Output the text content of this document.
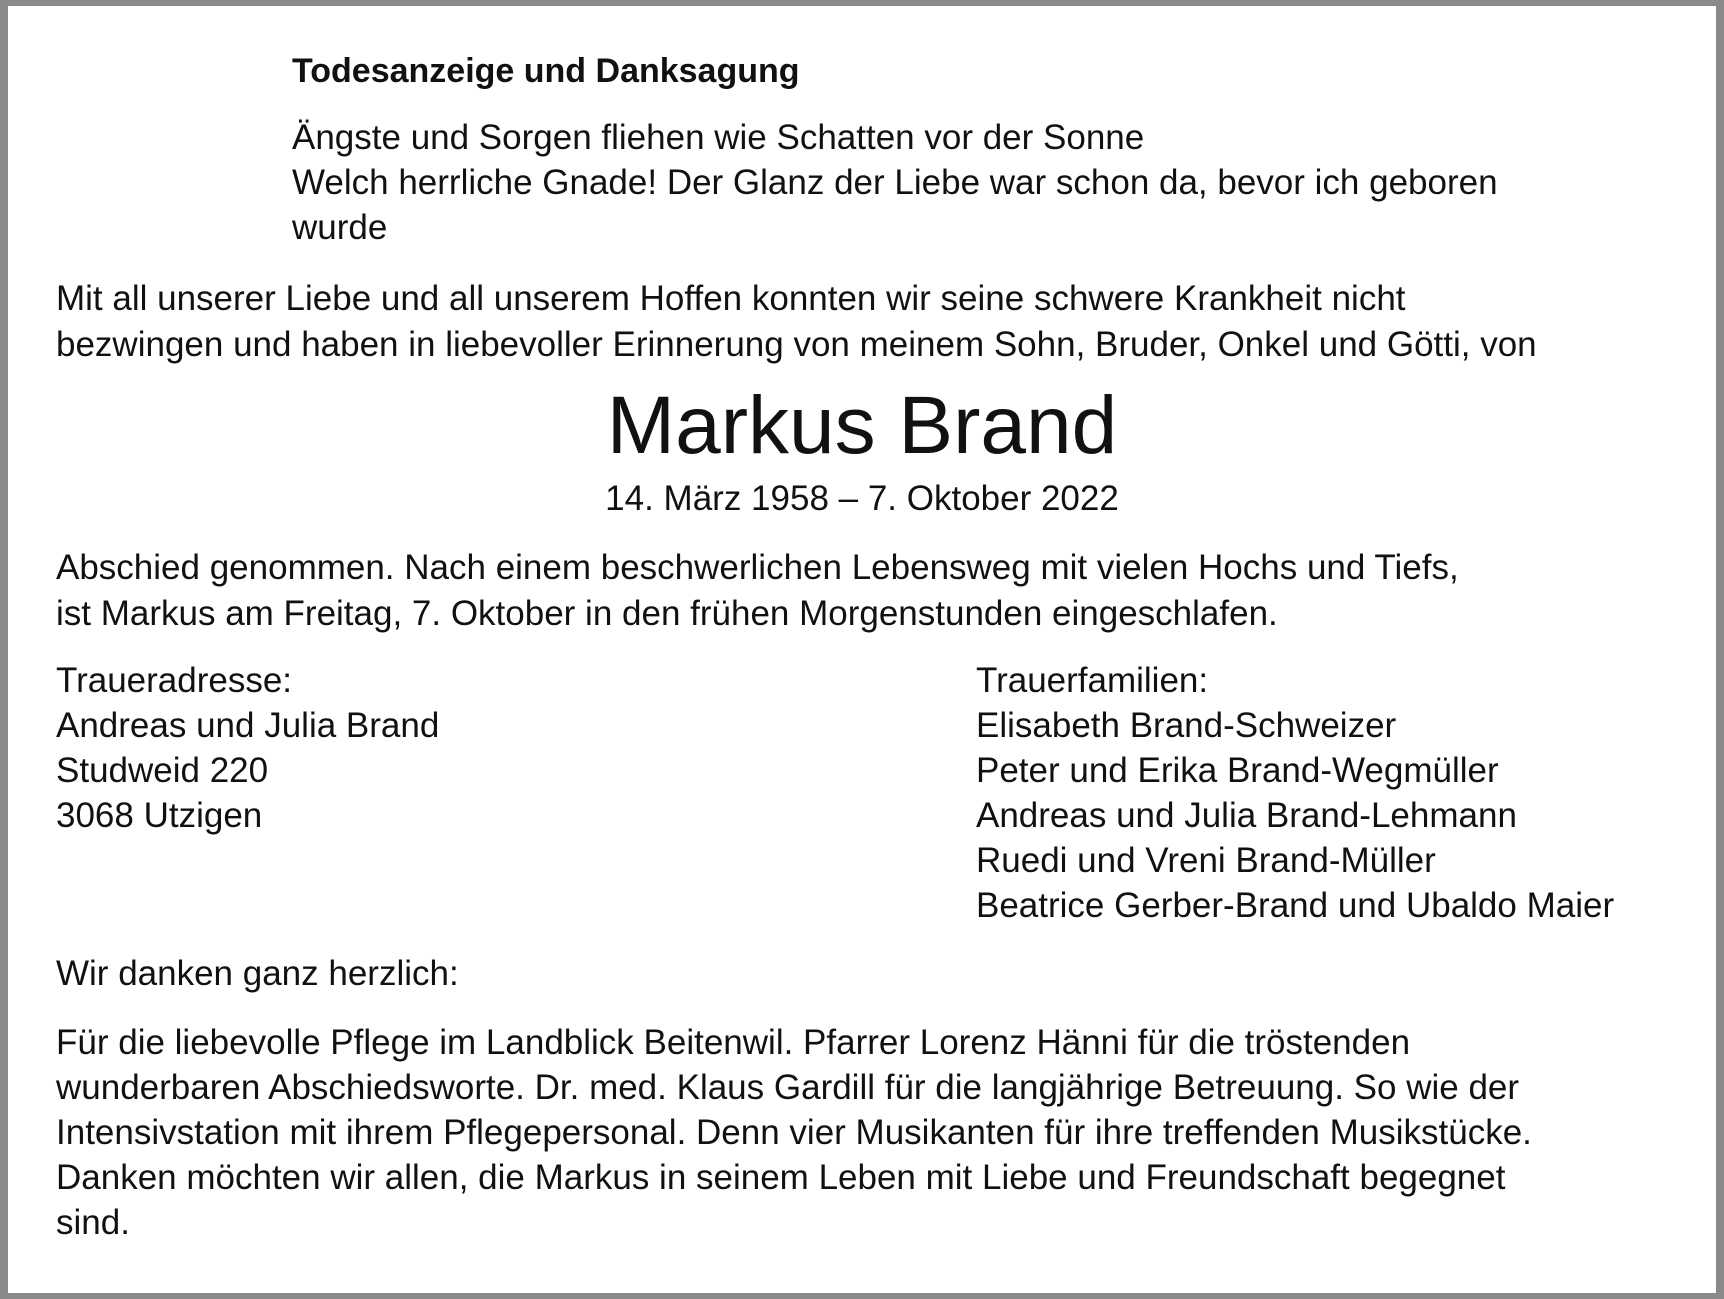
Todesanzeige und Danksagung
Ängste und Sorgen fliehen wie Schatten vor der Sonne
Welch herrliche Gnade! Der Glanz der Liebe war schon da, bevor ich geboren
wurde
Mit all unserer Liebe und all unserem Hoffen konnten wir seine schwere Krankheit nicht
bezwingen und haben in liebevoller Erinnerung von meinem Sohn, Bruder, Onkel und Götti, von
Markus Brand
14. März 1958 – 7. Oktober 2022
Abschied genommen. Nach einem beschwerlichen Lebensweg mit vielen Hochs und Tiefs,
ist Markus am Freitag, 7. Oktober in den frühen Morgenstunden eingeschlafen.
Traueradresse:
Andreas und Julia Brand
Studweid 220
3068 Utzigen
Trauerfamilien:
Elisabeth Brand-Schweizer
Peter und Erika Brand-Wegmüller
Andreas und Julia Brand-Lehmann
Ruedi und Vreni Brand-Müller
Beatrice Gerber-Brand und Ubaldo Maier
Wir danken ganz herzlich:
Für die liebevolle Pflege im Landblick Beitenwil. Pfarrer Lorenz Hänni für die tröstenden
wunderbaren Abschiedsworte. Dr. med. Klaus Gardill für die langjährige Betreuung. So wie der
Intensivstation mit ihrem Pflegepersonal. Denn vier Musikanten für ihre treffenden Musikstücke.
Danken möchten wir allen, die Markus in seinem Leben mit Liebe und Freundschaft begegnet
sind.
